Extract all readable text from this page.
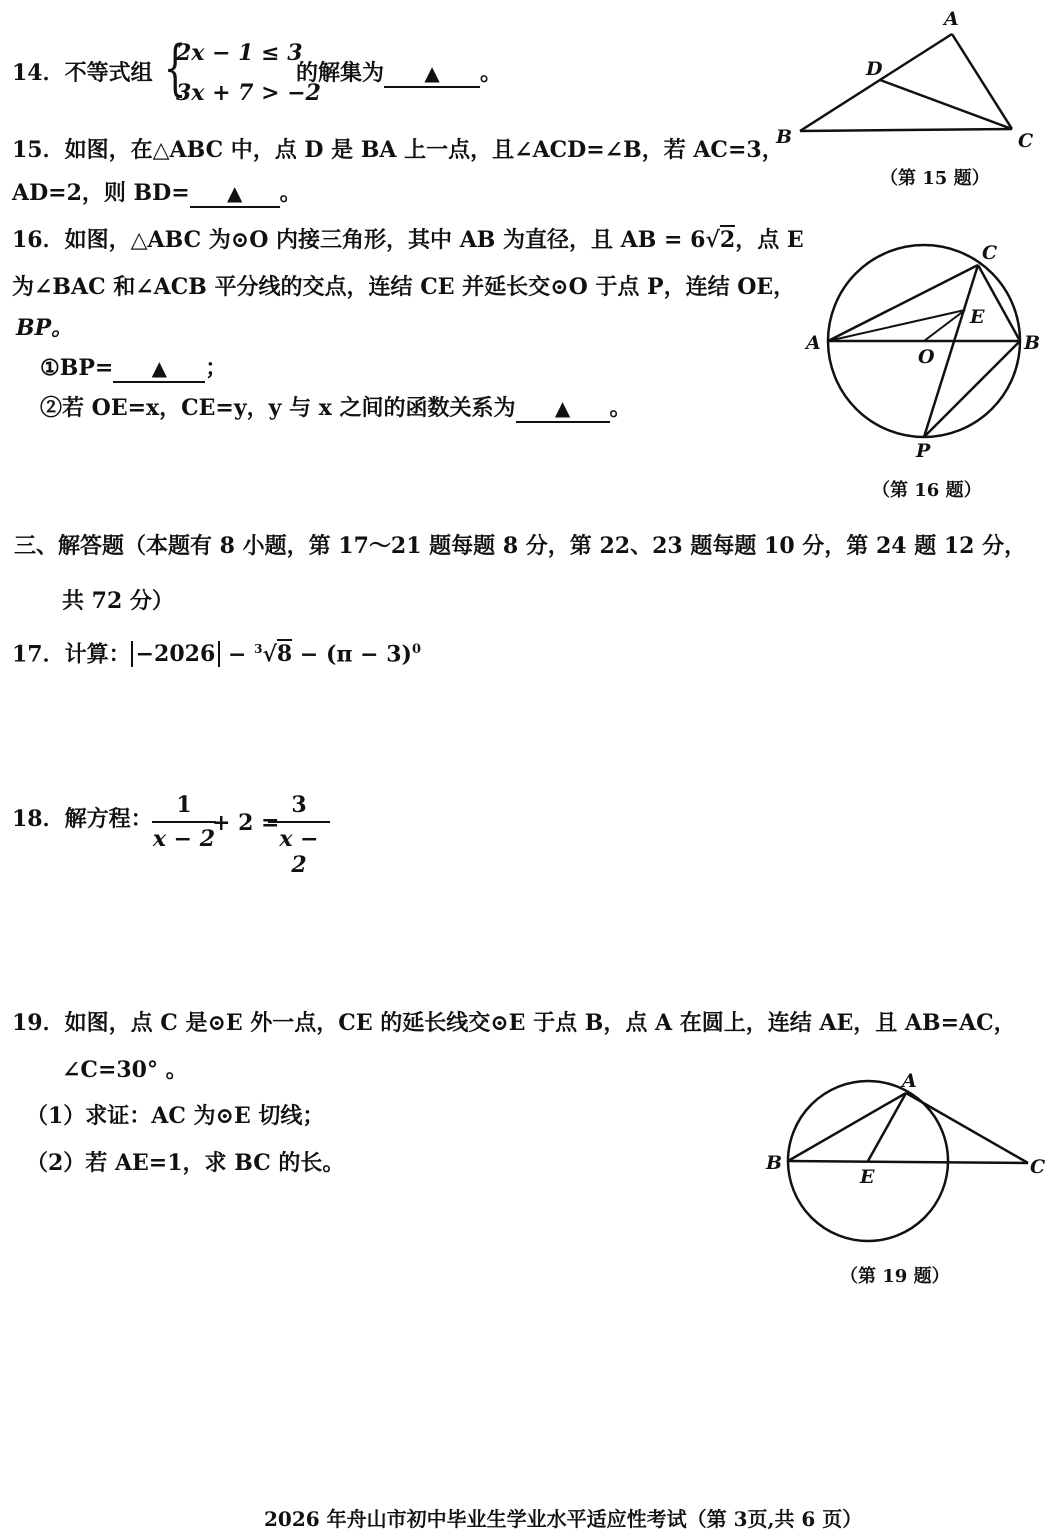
14．不等式组 {
2x − 1 ≤ 3
3x + 7 > −2
的解集为 ▲ 。
15．如图，在△ABC 中，点 D 是 BA 上一点，且∠ACD=∠B，若 AC=3，
AD=2，则 BD= ▲ 。
A
D
B	C
（第 15 题）
16．如图，△ABC 为⊙O 内接三角形，其中 AB 为直径，且 AB = 6√2，点 E
为∠BAC 和∠ACB 平分线的交点，连结 CE 并延长交⊙O 于点 P，连结 OE，
BP。
①BP= ▲ ；
②若 OE=x，CE=y，y 与 x 之间的函数关系为 ▲ 。
C
E
A	B
O
P
（第 16 题）
三、解答题（本题有 8 小题，第 17～21 题每题 8 分，第 22、23 题每题 10 分，第 24 题 12 分，
共 72 分）
17．计算： $-2026 - ^3√8 - (\pi - 3)^0$
18．解方程：
1
x − 2
+ 2 =
3
x − 2
19．如图，点 C 是⊙E 外一点，CE 的延长线交⊙E 于点 B，点 A 在圆上，连结 AE，且 AB=AC，
∠C=30° 。
（1）求证：AC 为⊙E 切线；
（2）若 AE=1，求 BC 的长。
A
B
E	C
（第 19 题）
2026 年舟山市初中毕业生学业水平适应性考试（第 3页,共 6 页）
